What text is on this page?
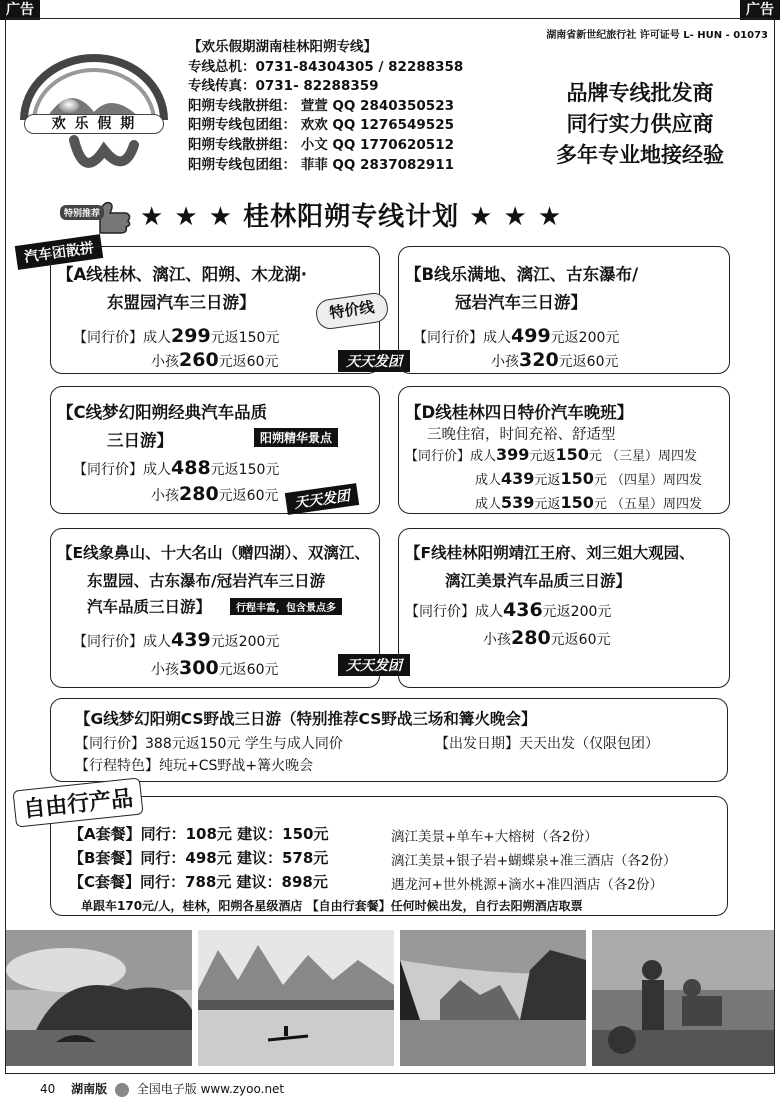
广告	广告
湖南省新世纪旅行社 许可证号 L- HUN - 01073
欢 乐 假 期
【欢乐假期湖南桂林阳朔专线】
专线总机：0731-84304305 / 82288358
专线传真：0731- 82288359
阳朔专线散拼组： 萱萱 QQ 2840350523
阳朔专线包团组： 欢欢 QQ 1276549525
阳朔专线散拼组： 小文 QQ 1770620512
阳朔专线包团组： 菲菲 QQ 2837082911
品牌专线批发商
同行实力供应商
多年专业地接经验
特别推荐 ★ ★ ★ 桂林阳朔专线计划 ★ ★ ★
汽车团散拼
【A线桂林、漓江、阳朔、木龙湖·
东盟园汽车三日游】
【同行价】成人299元返150元
小孩260元返60元
特价线
天天发团
【B线乐满地、漓江、古东瀑布/
冠岩汽车三日游】
【同行价】成人499元返200元
小孩320元返60元
【C线梦幻阳朔经典汽车品质
三日游】
【同行价】成人488元返150元
小孩280元返60元
阳朔精华景点
天天发团
【D线桂林四日特价汽车晚班】
三晚住宿，时间充裕、舒适型
【同行价】成人399元返150元 （三星）周四发
成人439元返150元 （四星）周四发
成人539元返150元 （五星）周四发
【E线象鼻山、十大名山（赠四湖）、双漓江、
东盟园、古东瀑布/冠岩汽车三日游
汽车品质三日游】
【同行价】成人439元返200元
小孩300元返60元
行程丰富，包含景点多
天天发团
【F线桂林阳朔靖江王府、刘三姐大观园、
漓江美景汽车品质三日游】
【同行价】成人436元返200元
小孩280元返60元
【G线梦幻阳朔CS野战三日游（特别推荐CS野战三场和篝火晚会】
【同行价】388元返150元 学生与成人同价	【出发日期】天天出发（仅限包团）
【行程特色】纯玩+CS野战+篝火晚会
【A套餐】同行：108元 建议：150元	漓江美景+单车+大榕树（各2份）
【B套餐】同行：498元 建议：578元	漓江美景+银子岩+蝴蝶泉+准三酒店（各2份）
【C套餐】同行：788元 建议：898元	遇龙河+世外桃源+滴水+准四酒店（各2份）
单跟车170元/人，桂林，阳朔各星级酒店 【自由行套餐】任何时候出发，自行去阳朔酒店取票
自由行产品
40 湖南版 全国电子版 www.zyoo.net
